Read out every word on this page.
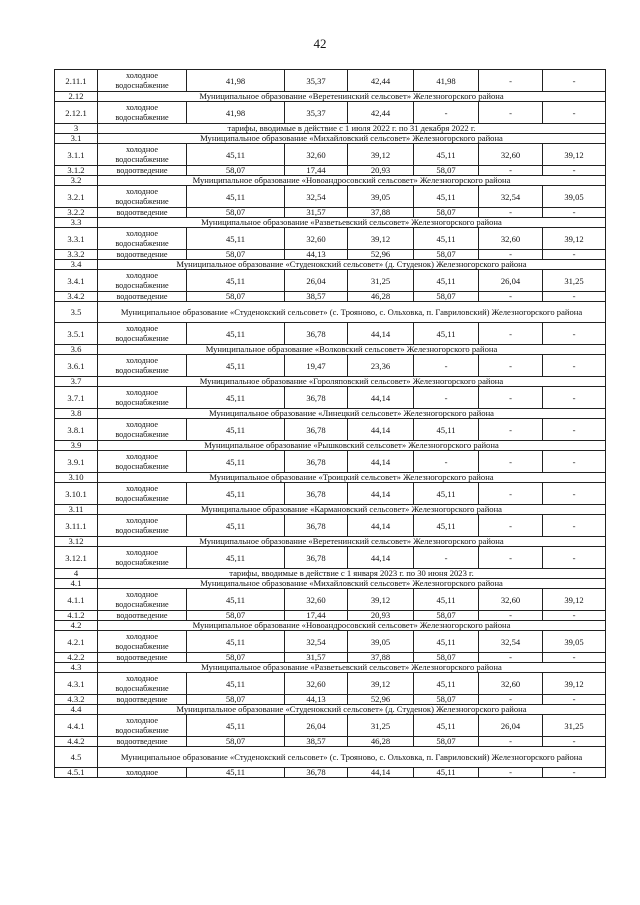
42
2.11.1	холодное водоснабжение	41,98	35,37	42,44	41,98	-	-
2.12	Муниципальное образование «Веретенинский сельсовет» Железногорского района						
2.12.1	холодное водоснабжение	41,98	35,37	42,44	-	-	-
3	тарифы, вводимые в действие с 1 июля 2022 г. по 31 декабря 2022 г.						
3.1	Муниципальное образование «Михайловский сельсовет» Железногорского района						
3.1.1	холодное водоснабжение	45,11	32,60	39,12	45,11	32,60	39,12
3.1.2	водоотведение	58,07	17,44	20,93	58,07	-	-
3.2	Муниципальное образование «Новоандросовский сельсовет» Железногорского района						
3.2.1	холодное водоснабжение	45,11	32,54	39,05	45,11	32,54	39,05
3.2.2	водоотведение	58,07	31,57	37,88	58,07	-	-
3.3	Муниципальное образование «Разветьевский сельсовет» Железногорского района						
3.3.1	холодное водоснабжение	45,11	32,60	39,12	45,11	32,60	39,12
3.3.2	водоотведение	58,07	44,13	52,96	58,07	-	-
3.4	Муниципальное образование «Студенокский сельсовет» (д. Студенок) Железногорского района						
3.4.1	холодное водоснабжение	45,11	26,04	31,25	45,11	26,04	31,25
3.4.2	водоотведение	58,07	38,57	46,28	58,07	-	-
3.5	Муниципальное образование «Студенокский сельсовет» (с. Трояново, с. Ольховка, п. Гавриловский) Железногорского района						
3.5.1	холодное водоснабжение	45,11	36,78	44,14	45,11	-	-
3.6	Муниципальное образование «Волковский сельсовет» Железногорского района						
3.6.1	холодное водоснабжение	45,11	19,47	23,36	-	-	-
3.7	Муниципальное образование «Гороляповский сельсовет» Железногорского района						
3.7.1	холодное водоснабжение	45,11	36,78	44,14	-	-	-
3.8	Муниципальное образование «Линецкий сельсовет» Железногорского района						
3.8.1	холодное водоснабжение	45,11	36,78	44,14	45,11	-	-
3.9	Муниципальное образование «Рышковский сельсовет» Железногорского района						
3.9.1	холодное водоснабжение	45,11	36,78	44,14	-	-	-
3.10	Муниципальное образование «Троицкий сельсовет» Железногорского района						
3.10.1	холодное водоснабжение	45,11	36,78	44,14	45,11	-	-
3.11	Муниципальное образование «Кармановский сельсовет» Железногорского района						
3.11.1	холодное водоснабжение	45,11	36,78	44,14	45,11	-	-
3.12	Муниципальное образование «Веретенинский сельсовет» Железногорского района						
3.12.1	холодное водоснабжение	45,11	36,78	44,14	-	-	-
4	тарифы, вводимые в действие с 1 января 2023 г. по 30 июня 2023 г.						
4.1	Муниципальное образование «Михайловский сельсовет» Железногорского района						
4.1.1	холодное водоснабжение	45,11	32,60	39,12	45,11	32,60	39,12
4.1.2	водоотведение	58,07	17,44	20,93	58,07	-	-
4.2	Муниципальное образование «Новоандросовский сельсовет» Железногорского района						
4.2.1	холодное водоснабжение	45,11	32,54	39,05	45,11	32,54	39,05
4.2.2	водоотведение	58,07	31,57	37,88	58,07	-	-
4.3	Муниципальное образование «Разветьевский сельсовет» Железногорского района						
4.3.1	холодное водоснабжение	45,11	32,60	39,12	45,11	32,60	39,12
4.3.2	водоотведение	58,07	44,13	52,96	58,07	-	-
4.4	Муниципальное образование «Студенокский сельсовет» (д. Студенок) Железногорского района						
4.4.1	холодное водоснабжение	45,11	26,04	31,25	45,11	26,04	31,25
4.4.2	водоотведение	58,07	38,57	46,28	58,07	-	-
4.5	Муниципальное образование «Студенокский сельсовет» (с. Трояново, с. Ольховка, п. Гавриловский) Железногорского района						
4.5.1	холодное	45,11	36,78	44,14	45,11	-	-
